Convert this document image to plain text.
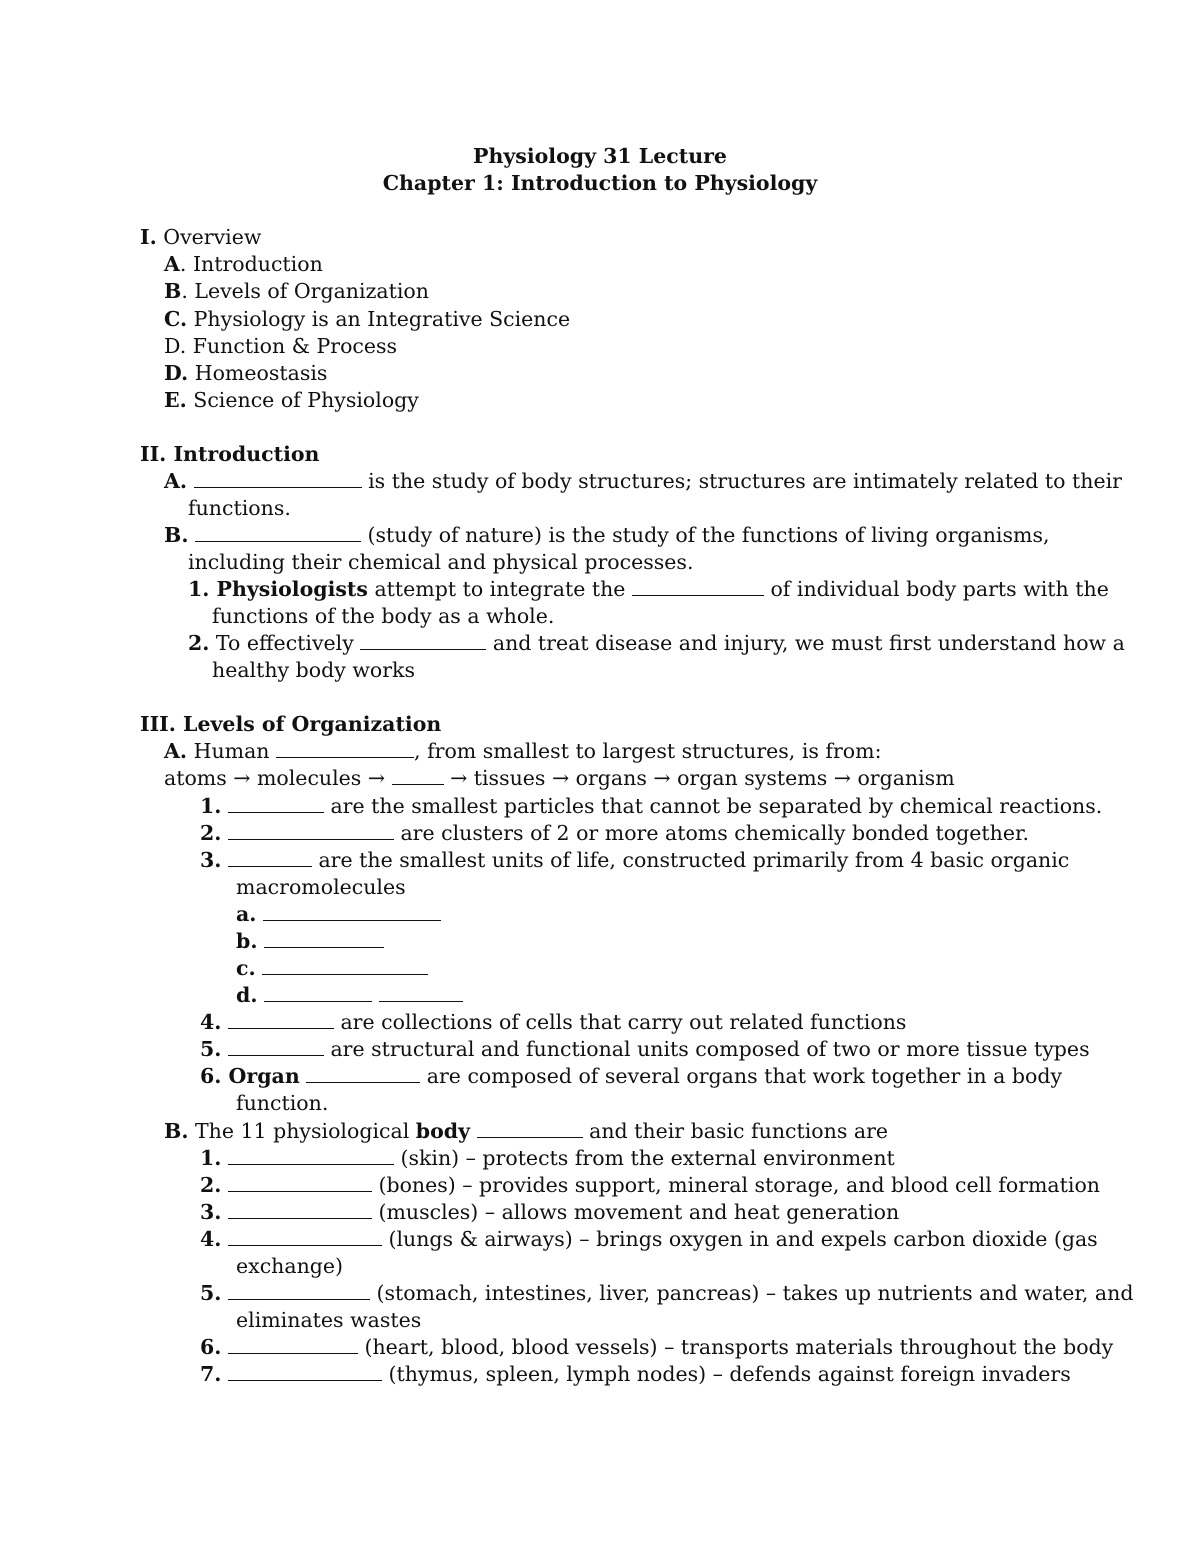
Physiology 31 Lecture
Chapter 1: Introduction to Physiology
I. Overview
A. Introduction
B. Levels of Organization
C. Physiology is an Integrative Science
D. Function & Process
D. Homeostasis
E. Science of Physiology
II. Introduction
A.	is the study of body structures; structures are intimately related to their
functions.
B.	(study of nature) is the study of the functions of living organisms,
including their chemical and physical processes.
1. Physiologists attempt to integrate the	of individual body parts with the
functions of the body as a whole.
2. To effectively	and treat disease and injury, we must first understand how a
healthy body works
III. Levels of Organization
A. Human	, from smallest to largest structures, is from:
atoms → molecules →	→ tissues → organs → organ systems → organism
1.	are the smallest particles that cannot be separated by chemical reactions.
2.	are clusters of 2 or more atoms chemically bonded together.
3.	are the smallest units of life, constructed primarily from 4 basic organic
macromolecules
a.
b.
c.
d.
4.	are collections of cells that carry out related functions
5.	are structural and functional units composed of two or more tissue types
6. Organ	are composed of several organs that work together in a body
function.
B. The 11 physiological body	and their basic functions are
1.	(skin) – protects from the external environment
2.	(bones) – provides support, mineral storage, and blood cell formation
3.	(muscles) – allows movement and heat generation
4.	(lungs & airways) – brings oxygen in and expels carbon dioxide (gas
exchange)
5.	(stomach, intestines, liver, pancreas) – takes up nutrients and water, and
eliminates wastes
6.	(heart, blood, blood vessels) – transports materials throughout the body
7.	(thymus, spleen, lymph nodes) – defends against foreign invaders
